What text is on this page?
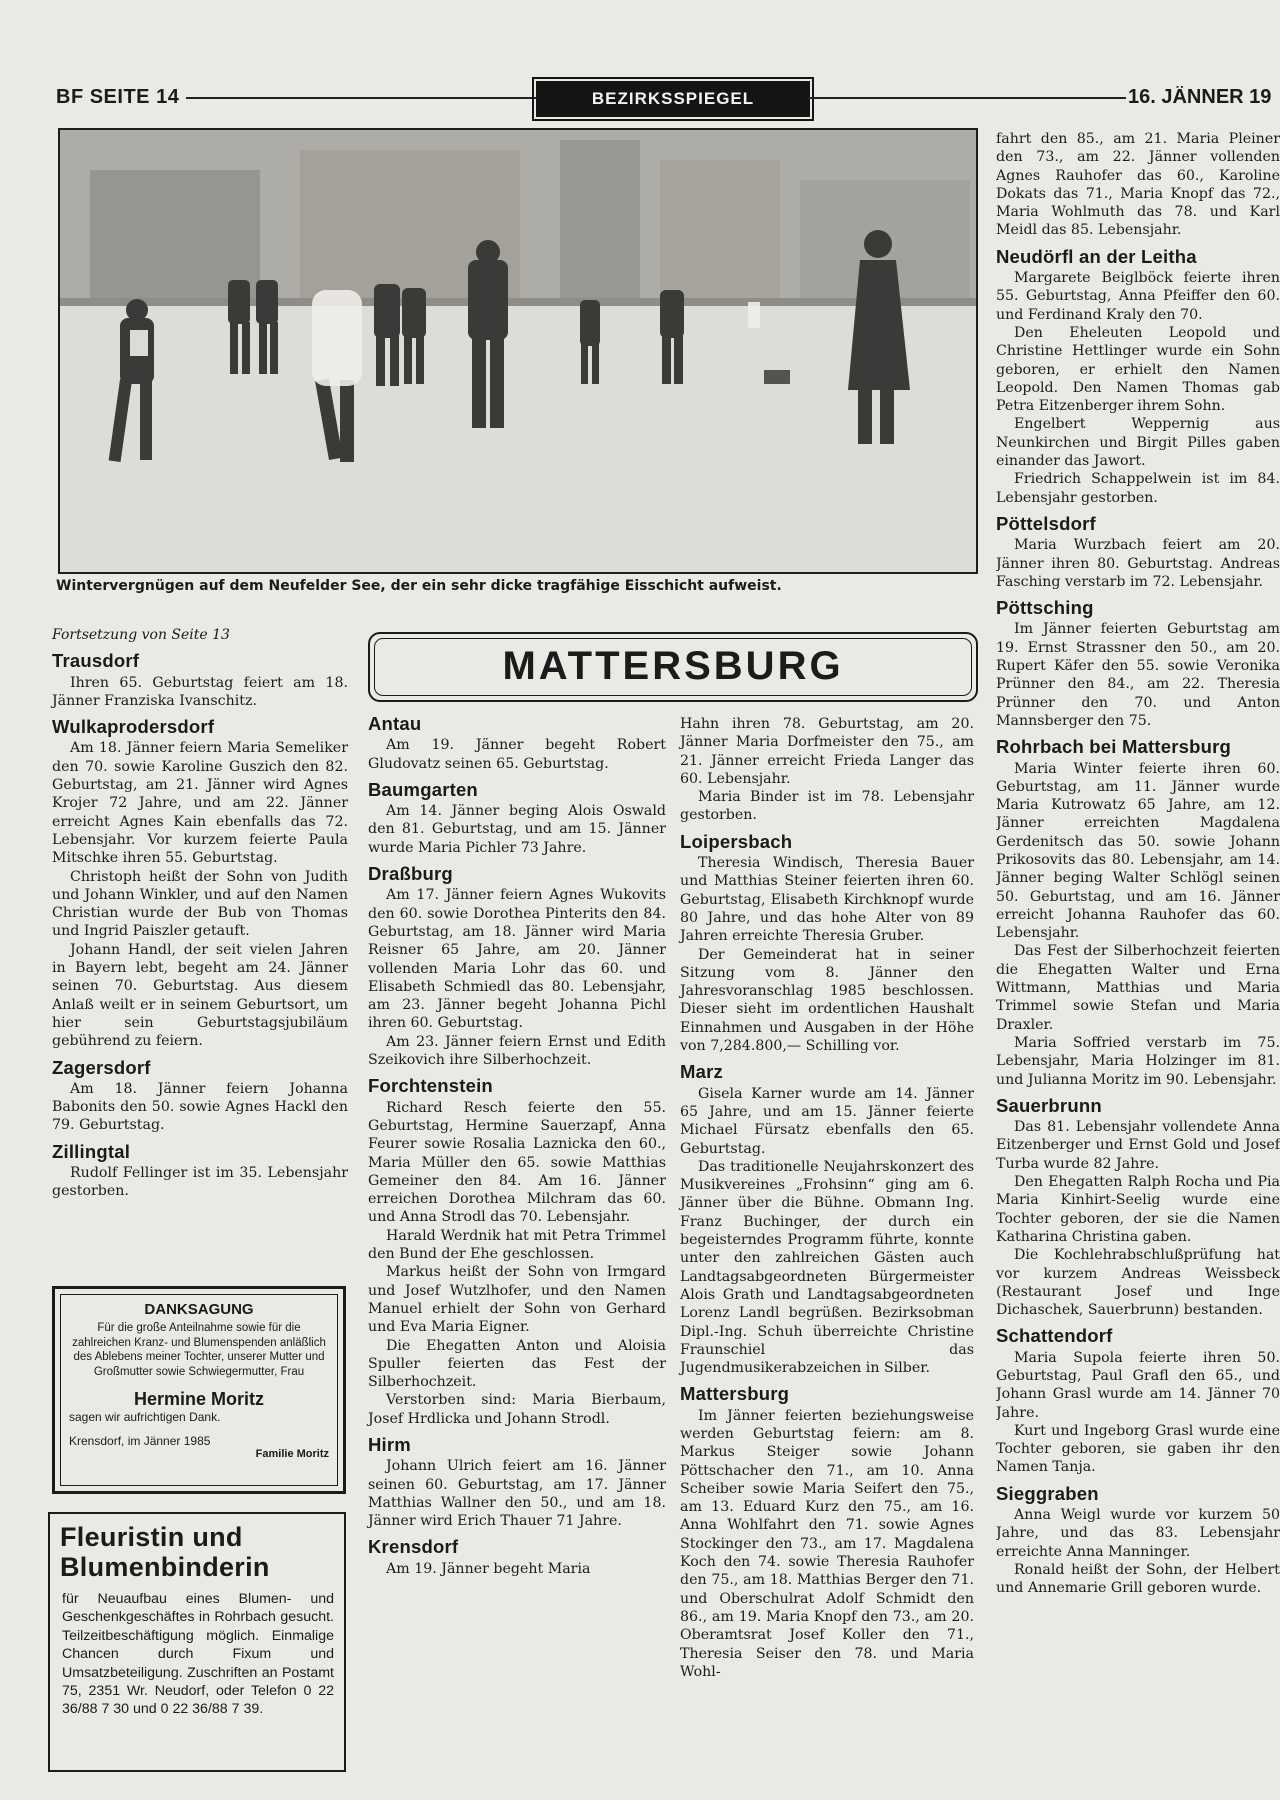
BF SEITE 14	BEZIRKSSPIEGEL	16. JÄNNER 19
Wintervergnügen auf dem Neufelder See, der ein sehr dicke tragfähige Eisschicht aufweist.
MATTERSBURG

Fortsetzung von Seite 13

Trausdorf

Ihren 65. Geburtstag feiert am 18. Jänner Franziska Ivanschitz.

Wulkaprodersdorf

Am 18. Jänner feiern Maria Semeliker den 70. sowie Karoline Guszich den 82. Geburtstag, am 21. Jänner wird Agnes Krojer 72 Jahre, und am 22. Jänner erreicht Agnes Kain ebenfalls das 72. Lebensjahr. Vor kurzem feierte Paula Mitschke ihren 55. Geburtstag.

Christoph heißt der Sohn von Judith und Johann Winkler, und auf den Namen Christian wurde der Bub von Thomas und Ingrid Paiszler getauft.

Johann Handl, der seit vielen Jahren in Bayern lebt, begeht am 24. Jänner seinen 70. Geburtstag. Aus diesem Anlaß weilt er in seinem Geburtsort, um hier sein Geburtstagsjubiläum gebührend zu feiern.

Zagersdorf

Am 18. Jänner feiern Johanna Babonits den 50. sowie Agnes Hackl den 79. Geburtstag.

Zillingtal

Rudolf Fellinger ist im 35. Lebensjahr gestorben.

DANKSAGUNG
Für die große Anteilnahme sowie für die zahlreichen Kranz- und Blumenspenden anläßlich des Ablebens meiner Tochter, unserer Mutter und Großmutter sowie Schwiegermutter, Frau
Hermine Moritz
sagen wir aufrichtigen Dank.
Krensdorf, im Jänner 1985
Familie Moritz
Fleuristin und Blumenbinderin
für Neuaufbau eines Blumen- und Geschenkgeschäftes in Rohrbach gesucht. Teilzeitbeschäftigung möglich. Einmalige Chancen durch Fixum und Umsatzbeteiligung. Zuschriften an Postamt 75, 2351 Wr. Neudorf, oder Telefon 0 22 36/88 7 30 und 0 22 36/88 7 39.
Antau

Am 19. Jänner begeht Robert Gludovatz seinen 65. Geburtstag.

Baumgarten

Am 14. Jänner beging Alois Oswald den 81. Geburtstag, und am 15. Jänner wurde Maria Pichler 73 Jahre.

Draßburg

Am 17. Jänner feiern Agnes Wukovits den 60. sowie Dorothea Pinterits den 84. Geburtstag, am 18. Jänner wird Maria Reisner 65 Jahre, am 20. Jänner vollenden Maria Lohr das 60. und Elisabeth Schmiedl das 80. Lebensjahr, am 23. Jänner begeht Johanna Pichl ihren 60. Geburtstag.

Am 23. Jänner feiern Ernst und Edith Szeikovich ihre Silberhochzeit.

Forchtenstein

Richard Resch feierte den 55. Geburtstag, Hermine Sauerzapf, Anna Feurer sowie Rosalia Laznicka den 60., Maria Müller den 65. sowie Matthias Gemeiner den 84. Am 16. Jänner erreichen Dorothea Milchram das 60. und Anna Strodl das 70. Lebensjahr.

Harald Werdnik hat mit Petra Trimmel den Bund der Ehe geschlossen.

Markus heißt der Sohn von Irmgard und Josef Wutzlhofer, und den Namen Manuel erhielt der Sohn von Gerhard und Eva Maria Eigner.

Die Ehegatten Anton und Aloisia Spuller feierten das Fest der Silberhochzeit.

Verstorben sind: Maria Bierbaum, Josef Hrdlicka und Johann Strodl.

Hirm

Johann Ulrich feiert am 16. Jänner seinen 60. Geburtstag, am 17. Jänner Matthias Wallner den 50., und am 18. Jänner wird Erich Thauer 71 Jahre.

Krensdorf

Am 19. Jänner begeht Maria

Hahn ihren 78. Geburtstag, am 20. Jänner Maria Dorfmeister den 75., am 21. Jänner erreicht Frieda Langer das 60. Lebensjahr.

Maria Binder ist im 78. Lebensjahr gestorben.

Loipersbach

Theresia Windisch, Theresia Bauer und Matthias Steiner feierten ihren 60. Geburtstag, Elisabeth Kirchknopf wurde 80 Jahre, und das hohe Alter von 89 Jahren erreichte Theresia Gruber.

Der Gemeinderat hat in seiner Sitzung vom 8. Jänner den Jahresvoranschlag 1985 beschlossen. Dieser sieht im ordentlichen Haushalt Einnahmen und Ausgaben in der Höhe von 7,284.800,— Schilling vor.

Marz

Gisela Karner wurde am 14. Jänner 65 Jahre, und am 15. Jänner feierte Michael Fürsatz ebenfalls den 65. Geburtstag.

Das traditionelle Neujahrskonzert des Musikvereines „Frohsinn“ ging am 6. Jänner über die Bühne. Obmann Ing. Franz Buchinger, der durch ein begeisterndes Programm führte, konnte unter den zahlreichen Gästen auch Landtagsabgeordneten Bürgermeister Alois Grath und Landtagsabgeordneten Lorenz Landl begrüßen. Bezirksobman Dipl.-Ing. Schuh überreichte Christine Fraunschiel das Jugendmusikerabzeichen in Silber.

Mattersburg

Im Jänner feierten beziehungsweise werden Geburtstag feiern: am 8. Markus Steiger sowie Johann Pöttschacher den 71., am 10. Anna Scheiber sowie Maria Seifert den 75., am 13. Eduard Kurz den 75., am 16. Anna Wohlfahrt den 71. sowie Agnes Stockinger den 73., am 17. Magdalena Koch den 74. sowie Theresia Rauhofer den 75., am 18. Matthias Berger den 71. und Oberschulrat Adolf Schmidt den 86., am 19. Maria Knopf den 73., am 20. Oberamtsrat Josef Koller den 71., Theresia Seiser den 78. und Maria Wohl-

fahrt den 85., am 21. Maria Pleiner den 73., am 22. Jänner vollenden Agnes Rauhofer das 60., Karoline Dokats das 71., Maria Knopf das 72., Maria Wohlmuth das 78. und Karl Meidl das 85. Lebensjahr.

Neudörfl an der Leitha

Margarete Beiglböck feierte ihren 55. Geburtstag, Anna Pfeiffer den 60. und Ferdinand Kraly den 70.

Den Eheleuten Leopold und Christine Hettlinger wurde ein Sohn geboren, er erhielt den Namen Leopold. Den Namen Thomas gab Petra Eitzenberger ihrem Sohn.

Engelbert Weppernig aus Neunkirchen und Birgit Pilles gaben einander das Jawort.

Friedrich Schappelwein ist im 84. Lebensjahr gestorben.

Pöttelsdorf

Maria Wurzbach feiert am 20. Jänner ihren 80. Geburtstag. Andreas Fasching verstarb im 72. Lebensjahr.

Pöttsching

Im Jänner feierten Geburtstag am 19. Ernst Strassner den 50., am 20. Rupert Käfer den 55. sowie Veronika Prünner den 84., am 22. Theresia Prünner den 70. und Anton Mannsberger den 75.

Rohrbach bei Mattersburg

Maria Winter feierte ihren 60. Geburtstag, am 11. Jänner wurde Maria Kutrowatz 65 Jahre, am 12. Jänner erreichten Magdalena Gerdenitsch das 50. sowie Johann Prikosovits das 80. Lebensjahr, am 14. Jänner beging Walter Schlögl seinen 50. Geburtstag, und am 16. Jänner erreicht Johanna Rauhofer das 60. Lebensjahr.

Das Fest der Silberhochzeit feierten die Ehegatten Walter und Erna Wittmann, Matthias und Maria Trimmel sowie Stefan und Maria Draxler.

Maria Soffried verstarb im 75. Lebensjahr, Maria Holzinger im 81. und Julianna Moritz im 90. Lebensjahr.

Sauerbrunn

Das 81. Lebensjahr vollendete Anna Eitzenberger und Ernst Gold und Josef Turba wurde 82 Jahre.

Den Ehegatten Ralph Rocha und Pia Maria Kinhirt-Seelig wurde eine Tochter geboren, der sie die Namen Katharina Christina gaben.

Die Kochlehrabschlußprüfung hat vor kurzem Andreas Weissbeck (Restaurant Josef und Inge Dichaschek, Sauerbrunn) bestanden.

Schattendorf

Maria Supola feierte ihren 50. Geburtstag, Paul Grafl den 65., und Johann Grasl wurde am 14. Jänner 70 Jahre.

Kurt und Ingeborg Grasl wurde eine Tochter geboren, sie gaben ihr den Namen Tanja.

Sieggraben

Anna Weigl wurde vor kurzem 50 Jahre, und das 83. Lebensjahr erreichte Anna Manninger.

Ronald heißt der Sohn, der Helbert und Annemarie Grill geboren wurde.
